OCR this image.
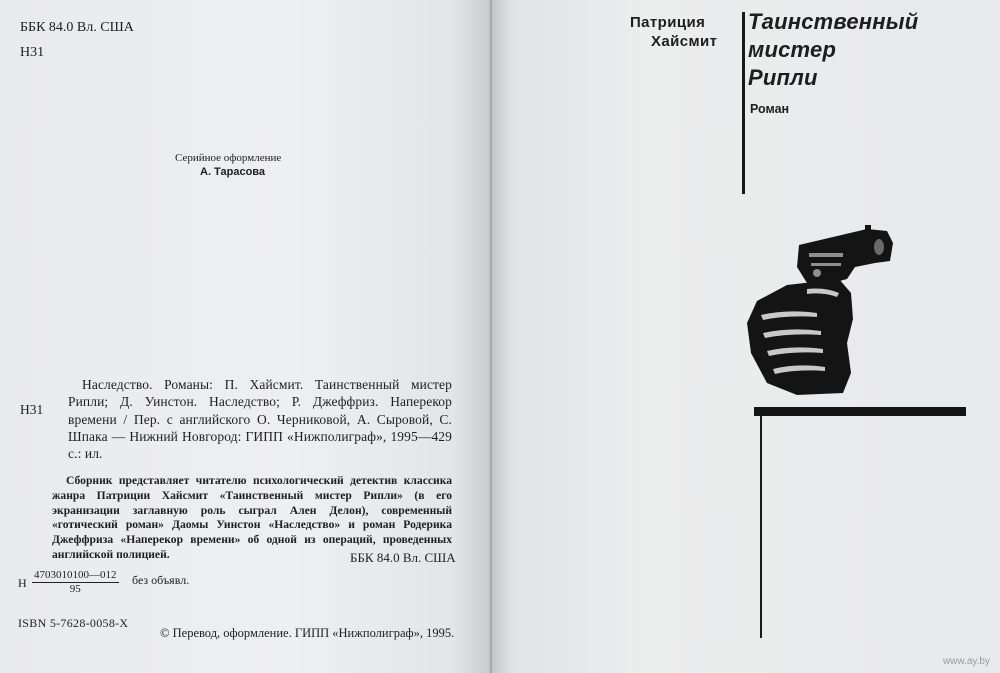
ББК 84.0 Вл. США
Н31
Серийное оформление
А. Тарасова
Н31
Наследство. Романы: П. Хайсмит. Таинственный мистер Рипли; Д. Уинстон. Наследство; Р. Джеффриз. Наперекор времени / Пер. с английского О. Черниковой, А. Сыровой, С. Шпака — Нижний Новгород: ГИПП «Нижполиграф», 1995—429 с.: ил.
Сборник представляет читателю психологический детектив классика жанра Патриции Хайсмит «Таинственный мистер Рипли» (в его экранизации заглавную роль сыграл Ален Делон), современный «готический роман» Даомы Уинстон «Наследство» и роман Родерика Джеффриза «Наперекор времени» об одной из операций, проведенных английской полицией.	ББК 84.0 Вл. США
Н $\frac{4703010100—012}{95}$ без объявл.
ISBN 5-7628-0058-Х
© Перевод, оформление. ГИПП «Нижполиграф», 1995.
Патриция
Хайсмит
Таинственный
мистер
Рипли
Роман
www.ay.by
